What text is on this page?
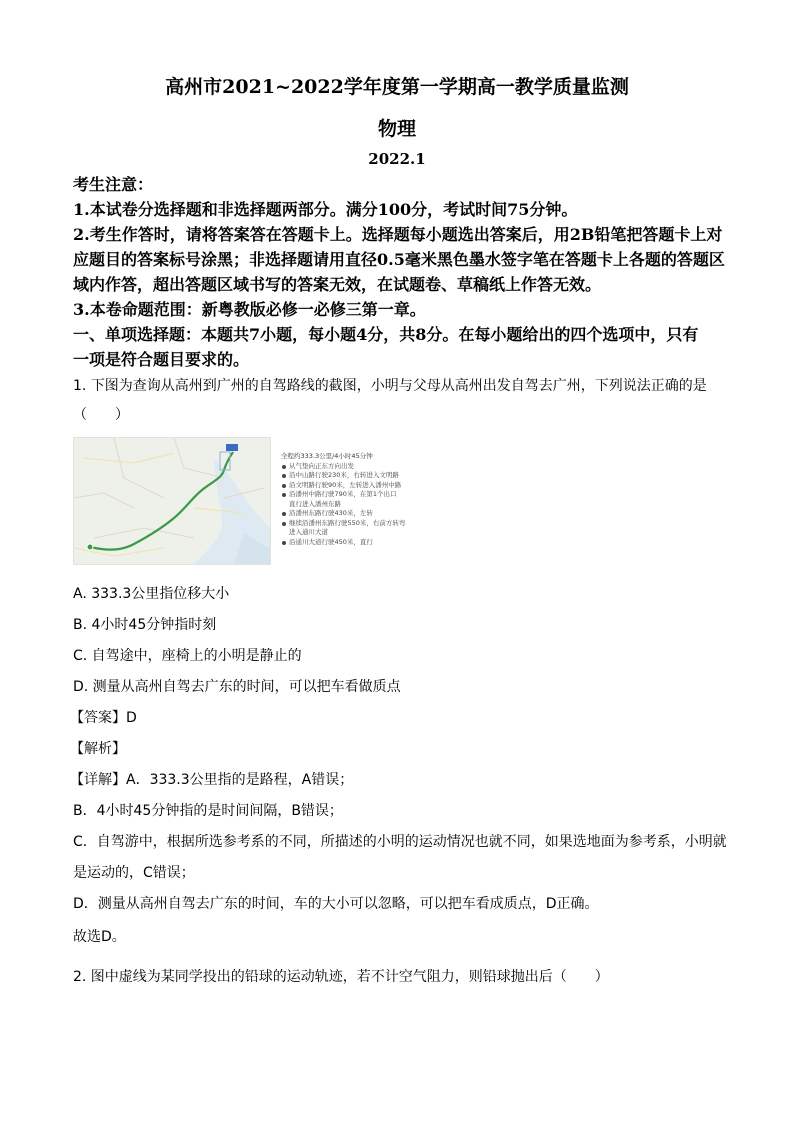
高州市2021~2022学年度第一学期高一教学质量监测
物理
2022.1
考生注意：
1.本试卷分选择题和非选择题两部分。满分100分，考试时间75分钟。
2.考生作答时，请将答案答在答题卡上。选择题每小题选出答案后，用2B铅笔把答题卡上对
应题目的答案标号涂黑；非选择题请用直径0.5毫米黑色墨水签字笔在答题卡上各题的答题区
域内作答，超出答题区域书写的答案无效，在试题卷、草稿纸上作答无效。
3.本卷命题范围：新粤教版必修一必修三第一章。
一、单项选择题：本题共7小题，每小题4分，共8分。在每小题给出的四个选项中，只有
一项是符合题目要求的。
1. 下图为查询从高州到广州的自驾路线的截图，小明与父母从高州出发自驾去广州，下列说法正确的是
（　　）
全程约333.3公里/4小时45分钟
从气垫向正东方向出发
沿中山路行驶230米，右转进入文明路
沿文明路行驶90米，左转进入潘州中路
沿潘州中路行驶790米，在第1个出口
直行进入潘州东路
沿潘州东路行驶430米，左转
继续沿潘州东路行驶550米，右前方转弯
进入通川大道
沿通川大道行驶450米，直行
A. 333.3公里指位移大小
B. 4小时45分钟指时刻
C. 自驾途中，座椅上的小明是静止的
D. 测量从高州自驾去广东的时间，可以把车看做质点
【答案】D
【解析】
【详解】A．333.3公里指的是路程，A错误；
B．4小时45分钟指的是时间间隔，B错误；
C．自驾游中，根据所选参考系的不同，所描述的小明的运动情况也就不同，如果选地面为参考系，小明就
是运动的，C错误；
D．测量从高州自驾去广东的时间，车的大小可以忽略，可以把车看成质点，D正确。
故选D。
2. 图中虚线为某同学投出的铅球的运动轨迹，若不计空气阻力，则铅球抛出后（　　）
